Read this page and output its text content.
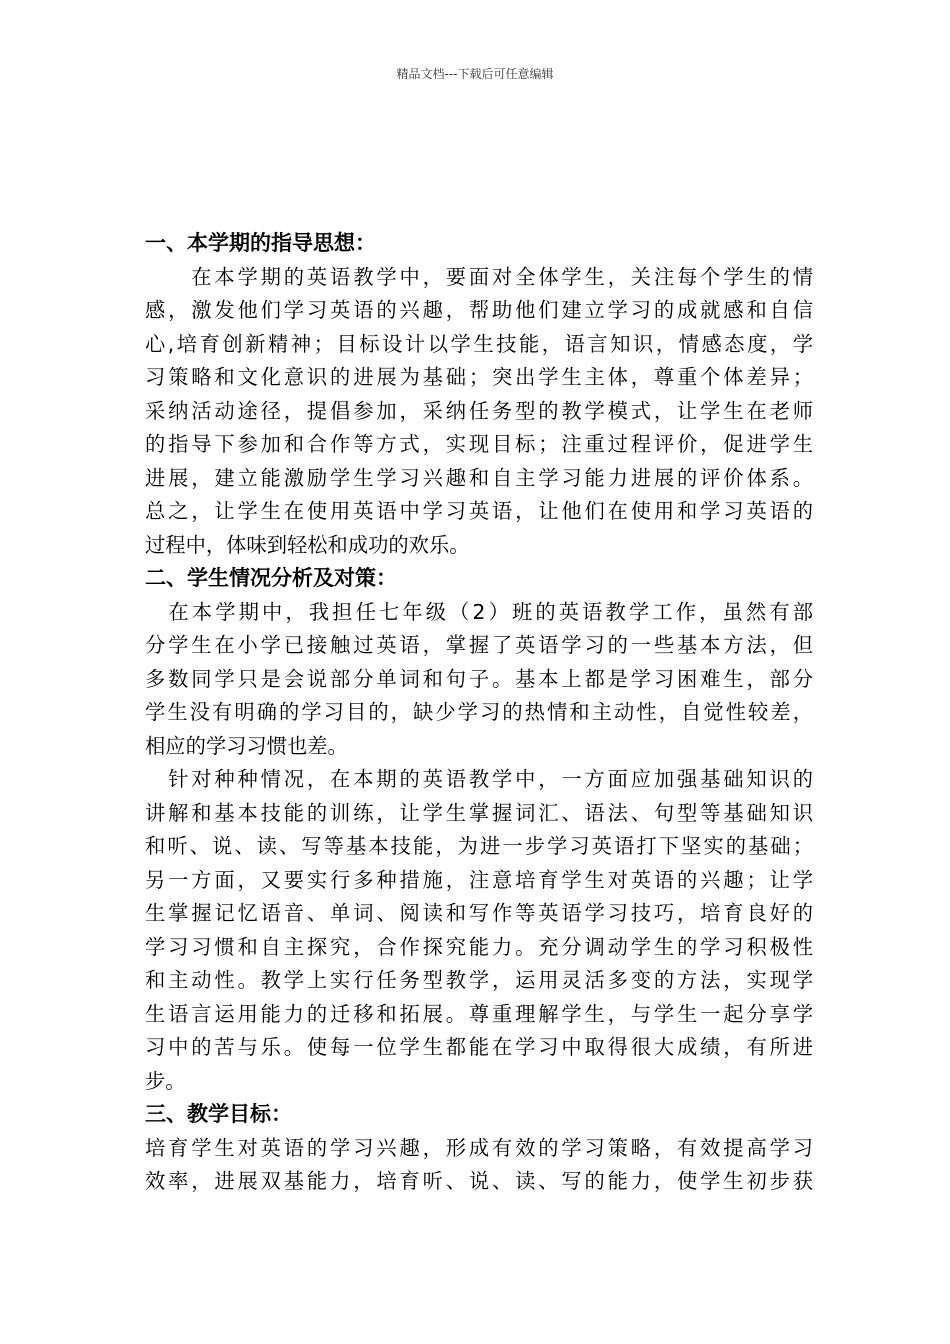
精品文档---下载后可任意编辑
一、本学期的指导思想：
　　在本学期的英语教学中，要面对全体学生，关注每个学生的情
感，激发他们学习英语的兴趣，帮助他们建立学习的成就感和自信
心,培育创新精神；目标设计以学生技能，语言知识，情感态度，学
习策略和文化意识的进展为基础；突出学生主体，尊重个体差异；
采纳活动途径，提倡参加，采纳任务型的教学模式，让学生在老师
的指导下参加和合作等方式，实现目标；注重过程评价，促进学生
进展，建立能激励学生学习兴趣和自主学习能力进展的评价体系。
总之，让学生在使用英语中学习英语，让他们在使用和学习英语的
过程中，体味到轻松和成功的欢乐。
二、学生情况分析及对策：
　在本学期中，我担任七年级（2）班的英语教学工作，虽然有部
分学生在小学已接触过英语，掌握了英语学习的一些基本方法，但
多数同学只是会说部分单词和句子。基本上都是学习困难生，部分
学生没有明确的学习目的，缺少学习的热情和主动性，自觉性较差，
相应的学习习惯也差。
　针对种种情况，在本期的英语教学中，一方面应加强基础知识的
讲解和基本技能的训练，让学生掌握词汇、语法、句型等基础知识
和听、说、读、写等基本技能，为进一步学习英语打下坚实的基础；
另一方面，又要实行多种措施，注意培育学生对英语的兴趣；让学
生掌握记忆语音、单词、阅读和写作等英语学习技巧，培育良好的
学习习惯和自主探究，合作探究能力。充分调动学生的学习积极性
和主动性。教学上实行任务型教学，运用灵活多变的方法，实现学
生语言运用能力的迁移和拓展。尊重理解学生，与学生一起分享学
习中的苦与乐。使每一位学生都能在学习中取得很大成绩，有所进
步。
三、教学目标：
培育学生对英语的学习兴趣，形成有效的学习策略，有效提高学习
效率，进展双基能力，培育听、说、读、写的能力，使学生初步获
